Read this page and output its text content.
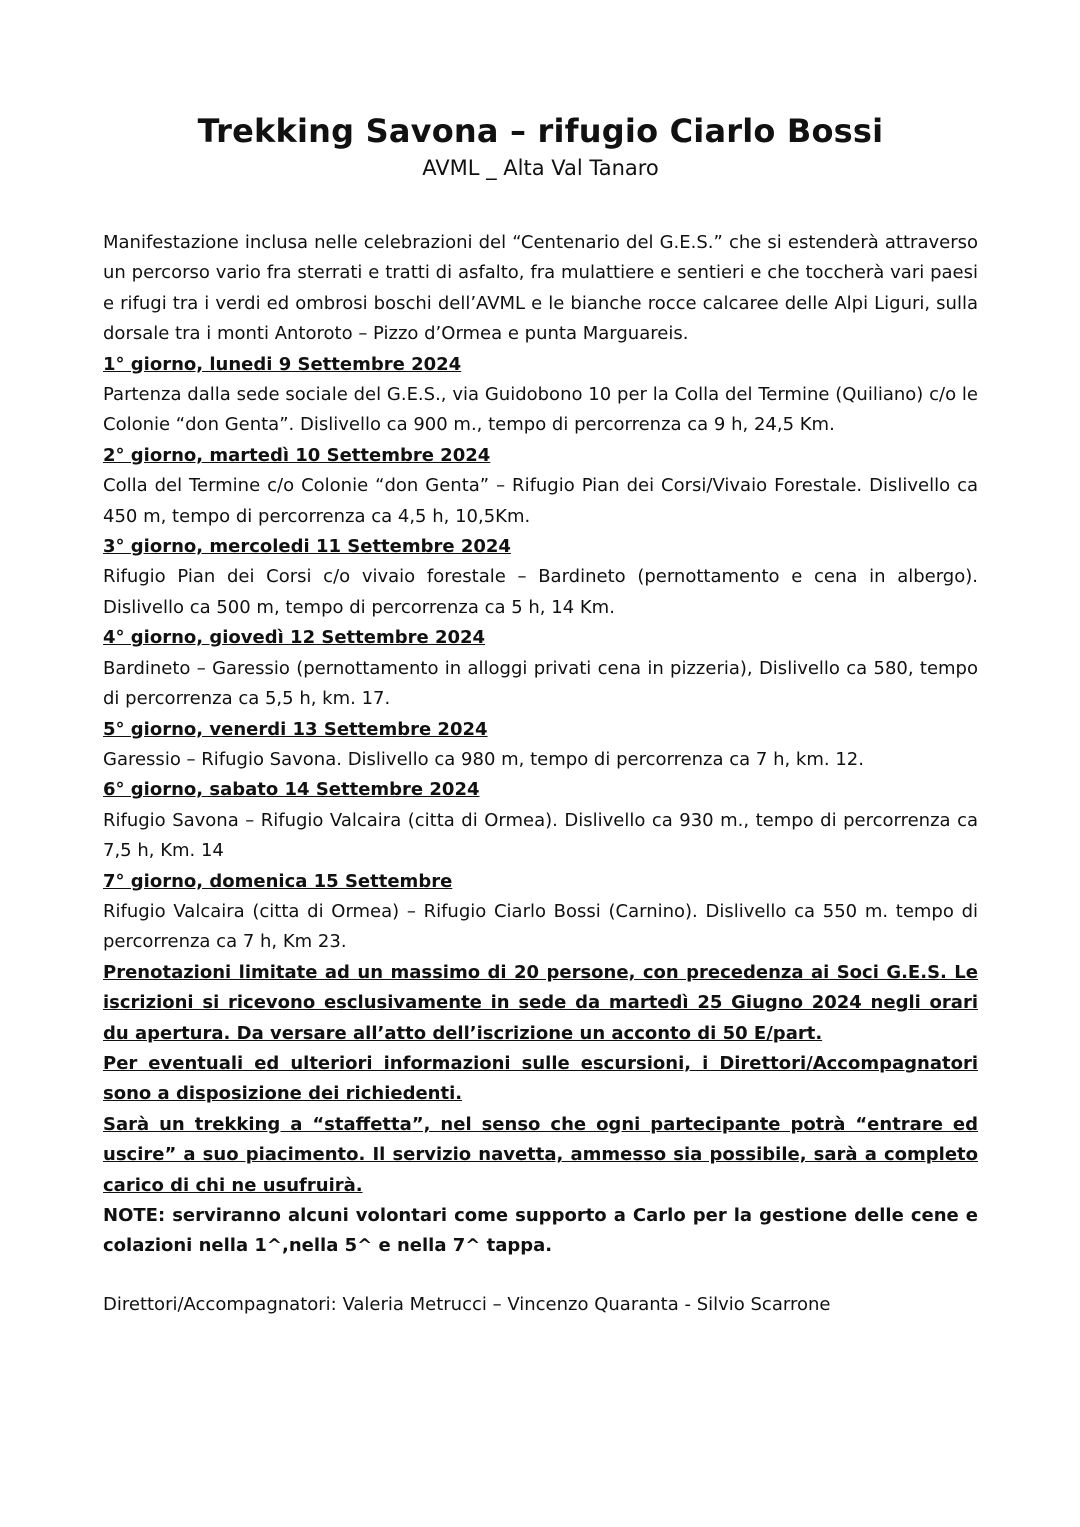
Trekking Savona – rifugio Ciarlo Bossi
AVML _ Alta Val Tanaro

Manifestazione inclusa nelle celebrazioni del “Centenario del G.E.S.” che si estenderà attraverso un percorso vario fra sterrati e tratti di asfalto, fra mulattiere e sentieri e che toccherà vari paesi e rifugi tra i verdi ed ombrosi boschi dell’AVML e le bianche rocce calcaree delle Alpi Liguri, sulla dorsale tra i monti Antoroto – Pizzo d’Ormea e punta Marguareis.

1° giorno, lunedi 9 Settembre 2024

Partenza dalla sede sociale del G.E.S., via Guidobono 10 per la Colla del Termine (Quiliano) c/o le Colonie “don Genta”. Dislivello ca 900 m., tempo di percorrenza ca 9 h, 24,5 Km.

2° giorno, martedì 10 Settembre 2024

Colla del Termine c/o Colonie “don Genta” – Rifugio Pian dei Corsi/Vivaio Forestale. Dislivello ca 450 m, tempo di percorrenza ca 4,5 h, 10,5Km.

3° giorno, mercoledi 11 Settembre 2024

Rifugio Pian dei Corsi c/o vivaio forestale – Bardineto (pernottamento e cena in albergo). Dislivello ca 500 m, tempo di percorrenza ca 5 h, 14 Km.

4° giorno, giovedì 12 Settembre 2024

Bardineto – Garessio (pernottamento in alloggi privati cena in pizzeria), Dislivello ca 580, tempo di percorrenza ca 5,5 h, km. 17.

5° giorno, venerdi 13 Settembre 2024

Garessio – Rifugio Savona. Dislivello ca 980 m, tempo di percorrenza ca 7 h, km. 12.

6° giorno, sabato 14 Settembre 2024

Rifugio Savona – Rifugio Valcaira (citta di Ormea). Dislivello ca 930 m., tempo di percorrenza ca 7,5 h, Km. 14

7° giorno, domenica 15 Settembre

Rifugio Valcaira (citta di Ormea) – Rifugio Ciarlo Bossi (Carnino). Dislivello ca 550 m. tempo di percorrenza ca 7 h, Km 23.

Prenotazioni limitate ad un massimo di 20 persone, con precedenza ai Soci G.E.S. Le iscrizioni si ricevono esclusivamente in sede da martedì 25 Giugno 2024 negli orari du apertura. Da versare all’atto dell’iscrizione un acconto di 50 E/part.

Per eventuali ed ulteriori informazioni sulle escursioni, i Direttori/Accompagnatori sono a disposizione dei richiedenti.

Sarà un trekking a “staffetta”, nel senso che ogni partecipante potrà “entrare ed uscire” a suo piacimento. Il servizio navetta, ammesso sia possibile, sarà a completo carico di chi ne usufruirà.

NOTE: serviranno alcuni volontari come supporto a Carlo per la gestione delle cene e colazioni nella 1^,nella 5^ e nella 7^ tappa.

Direttori/Accompagnatori: Valeria Metrucci – Vincenzo Quaranta - Silvio Scarrone
